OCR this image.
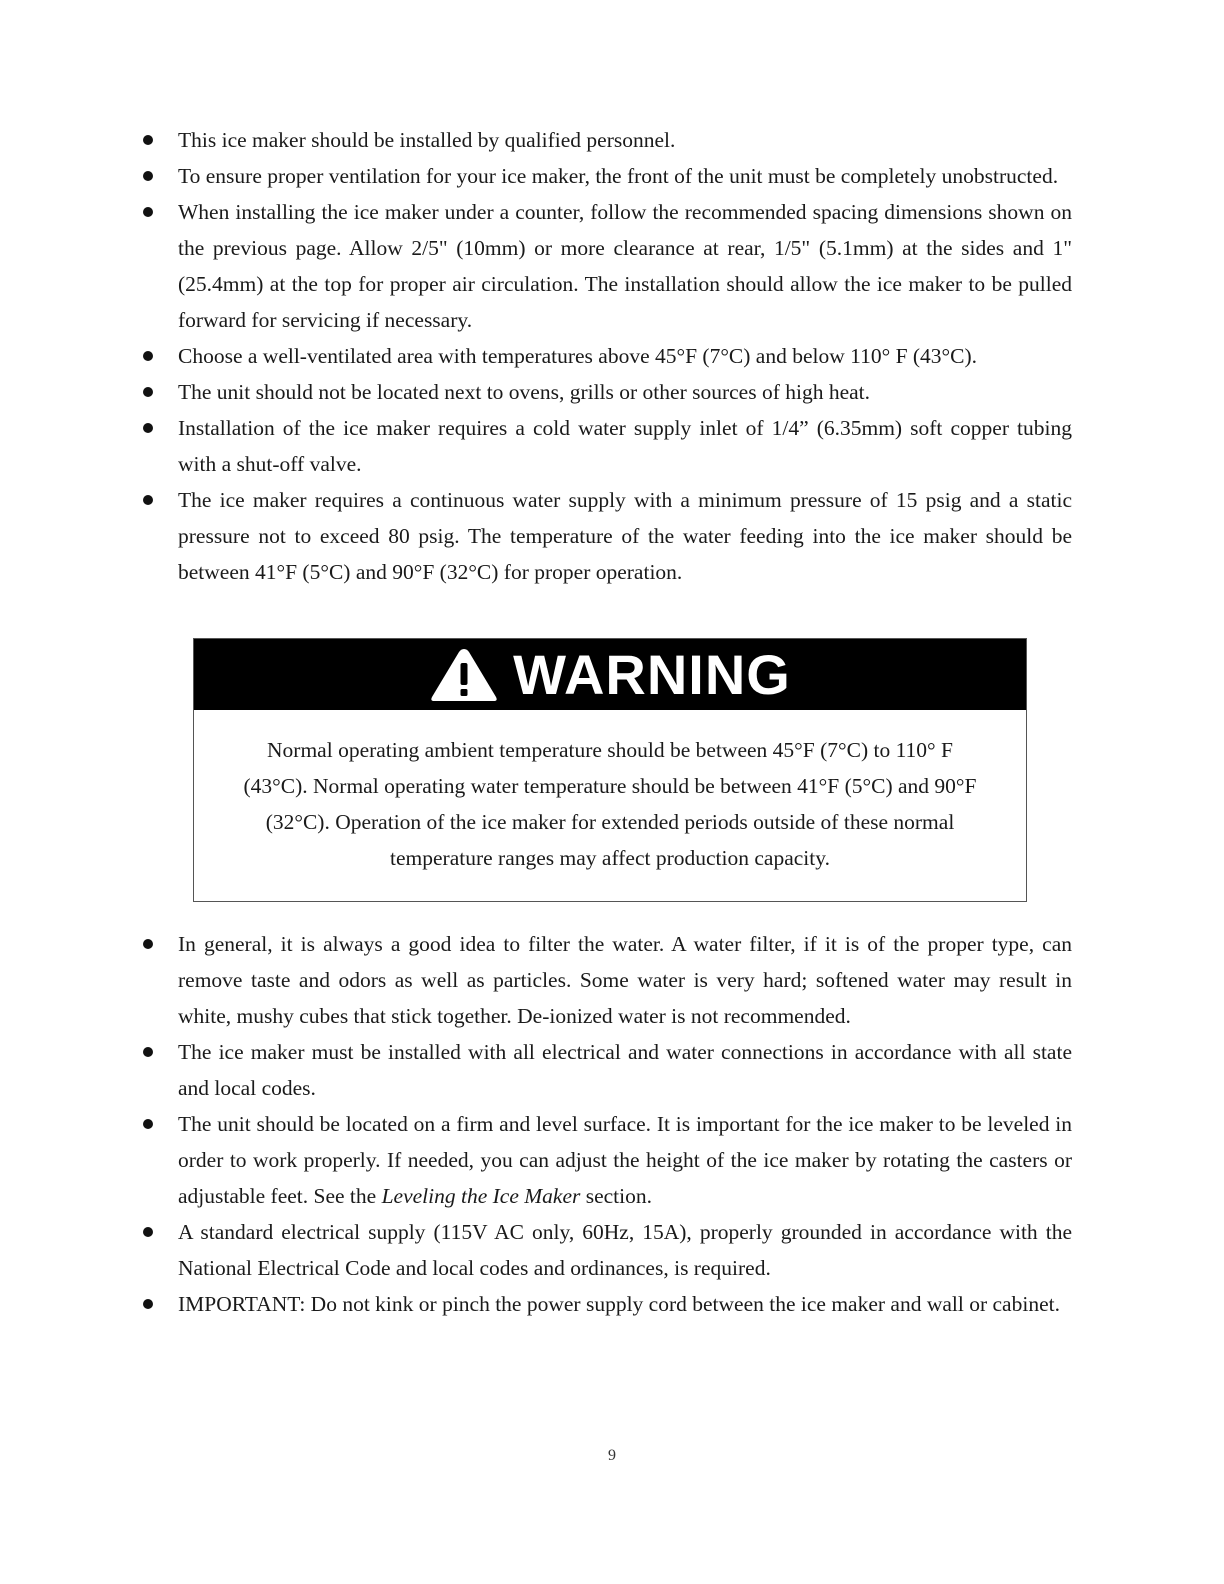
This ice maker should be installed by qualified personnel.
To ensure proper ventilation for your ice maker, the front of the unit must be completely unobstructed.
When installing the ice maker under a counter, follow the recommended spacing dimensions shown on the previous page. Allow 2/5" (10mm) or more clearance at rear, 1/5" (5.1mm) at the sides and 1" (25.4mm) at the top for proper air circulation. The installation should allow the ice maker to be pulled forward for servicing if necessary.
Choose a well-ventilated area with temperatures above 45°F (7°C) and below 110° F (43°C).
The unit should not be located next to ovens, grills or other sources of high heat.
Installation of the ice maker requires a cold water supply inlet of 1/4” (6.35mm) soft copper tubing with a shut-off valve.
The ice maker requires a continuous water supply with a minimum pressure of 15 psig and a static pressure not to exceed 80 psig. The temperature of the water feeding into the ice maker should be between 41°F (5°C) and 90°F (32°C) for proper operation.
WARNING
Normal operating ambient temperature should be between 45°F (7°C) to 110° F (43°C). Normal operating water temperature should be between 41°F (5°C) and 90°F (32°C). Operation of the ice maker for extended periods outside of these normal temperature ranges may affect production capacity.
In general, it is always a good idea to filter the water. A water filter, if it is of the proper type, can remove taste and odors as well as particles. Some water is very hard; softened water may result in white, mushy cubes that stick together. De-ionized water is not recommended.
The ice maker must be installed with all electrical and water connections in accordance with all state and local codes.
The unit should be located on a firm and level surface. It is important for the ice maker to be leveled in order to work properly. If needed, you can adjust the height of the ice maker by rotating the casters or adjustable feet. See the Leveling the Ice Maker section.
A standard electrical supply (115V AC only, 60Hz, 15A), properly grounded in accordance with the National Electrical Code and local codes and ordinances, is required.
IMPORTANT: Do not kink or pinch the power supply cord between the ice maker and wall or cabinet.
9
